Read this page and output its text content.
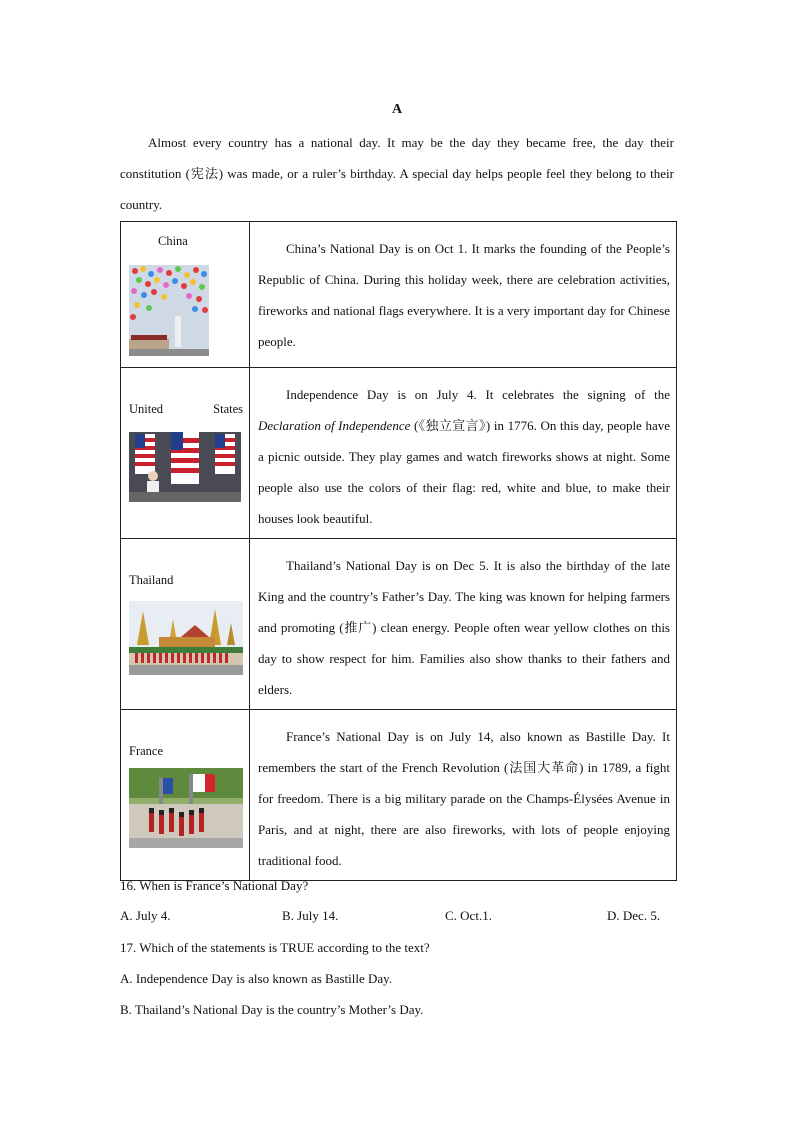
A

Almost every country has a national day. It may be the day they became free, the day their constitution (宪法) was made, or a ruler’s birthday. A special day helps people feel they belong to their country.

China	China’s National Day is on Oct 1. It marks the founding of the People’s Republic of China. During this holiday week, there are celebration activities, fireworks and national flags everywhere. It is a very important day for Chinese people.

United States	Independence Day is on July 4. It celebrates the signing of the Declaration of Independence (《独立宣言》) in 1776. On this day, people have a picnic outside. They play games and watch fireworks shows at night. Some people also use the colors of their flag: red, white and blue, to make their houses look beautiful.

Thailand	Thailand’s National Day is on Dec 5. It is also the birthday of the late King and the country’s Father’s Day. The king was known for helping farmers and promoting (推广) clean energy. People often wear yellow clothes on this day to show respect for him. Families also show thanks to their fathers and elders.

France	France’s National Day is on July 14, also known as Bastille Day. It remembers the start of the French Revolution (法国大革命) in 1789, a fight for freedom. There is a big military parade on the Champs-Élysées Avenue in Paris, and at night, there are also fireworks, with lots of people enjoying traditional food.
16. When is France’s National Day?
A. July 4.	B. July 14.	C. Oct.1.	D. Dec. 5.
17. Which of the statements is TRUE according to the text?
A. Independence Day is also known as Bastille Day.
B. Thailand’s National Day is the country’s Mother’s Day.
